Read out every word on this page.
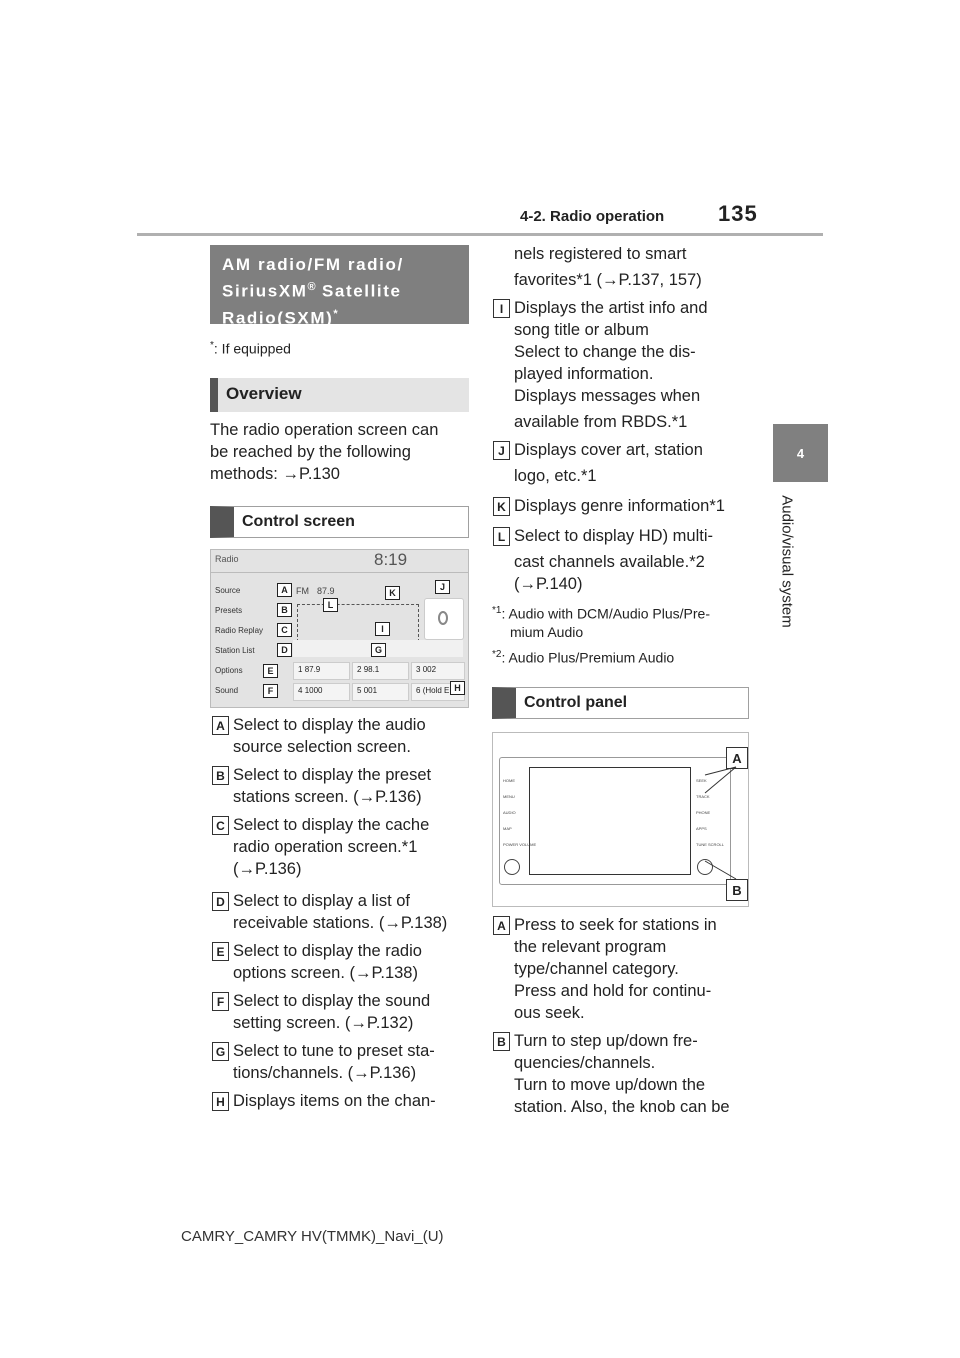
4-2. Radio operation 135
4
Audio/visual system
AM radio/FM radio/
SiriusXM® Satellite
Radio(SXM)*
*: If equipped
Overview
The radio operation screen can
be reached by the following
methods: →P.130
Control screen
Radio	8:19
Source
Presets
Radio Replay
Station List
Options
Sound
FM 87.9
1 87.9	2 98.1	3 002
4 1000	5 001	6 (Hold E
A
B
C
D
E
F
G
H
I
J
K
L
A Select to display the audio
source selection screen.
B Select to display the preset
stations screen. (→P.136)
C Select to display the cache
radio operation screen.*1
(→P.136)
D Select to display a list of
receivable stations. (→P.138)
E Select to display the radio
options screen. (→P.138)
F Select to display the sound
setting screen. (→P.132)
G Select to tune to preset sta-
tions/channels. (→P.136)
H Displays items on the chan-
nels registered to smart
favorites*1 (→P.137, 157)
I Displays the artist info and
song title or album
Select to change the dis-
played information.
Displays messages when
available from RBDS.*1
J Displays cover art, station
logo, etc.*1
K Displays genre information*1
L Select to display HD) multi-
cast channels available.*2
(→P.140)
$^{*1}$: Audio with DCM/Audio Plus/Pre-
mium Audio
$^{*2}$: Audio Plus/Premium Audio
Control panel
HOME
MENU
AUDIO
MAP
POWER VOLUME
SEEK
TRACK
PHONE
APPS
TUNE SCROLL
A
B
A Press to seek for stations in
the relevant program
type/channel category.
Press and hold for continu-
ous seek.
B Turn to step up/down fre-
quencies/channels.
Turn to move up/down the
station. Also, the knob can be
CAMRY_CAMRY HV(TMMK)_Navi_(U)
